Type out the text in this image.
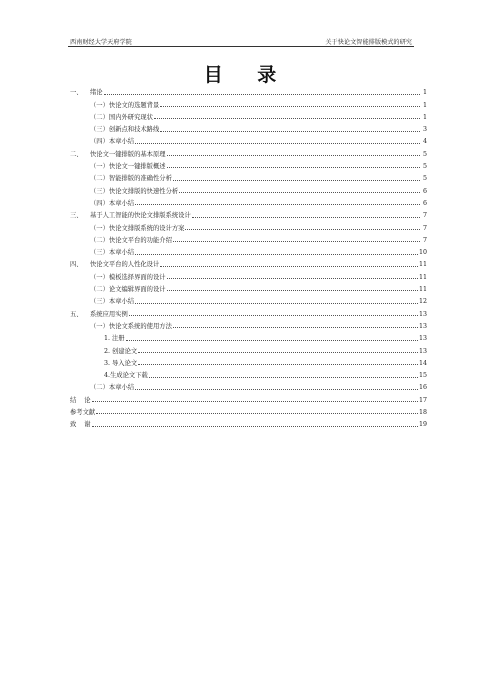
西南财经大学天府学院	关于快论文智能排版模式的研究
目 录
一、	绪论	1
（一）快论文的选题背景	1
（二）国内外研究现状	1
（三）创新点和技术路线	3
（四）本章小结	4
二、	快论文一键排版的基本原理	5
（一）快论文一键排版概述	5
（二）智能排版的准确性分析	5
（三）快论文排版的快速性分析	6
（四）本章小结	6
三、	基于人工智能的快论文排版系统设计	7
（一）快论文排版系统的设计方案	7
（二）快论文平台的功能介绍	7
（三）本章小结	10
四、	快论文平台的人性化设计	11
（一）模板选择界面的设计	11
（二）论文编辑界面的设计	11
（三）本章小结	12
五、	系统应用实例	13
（一）快论文系统的使用方法	13
1. 注册	13
2. 创建论文	13
3. 导入论文	14
4.生成论文下载	15
（二）本章小结	16
结    论	17
参考文献	18
致    谢	19
